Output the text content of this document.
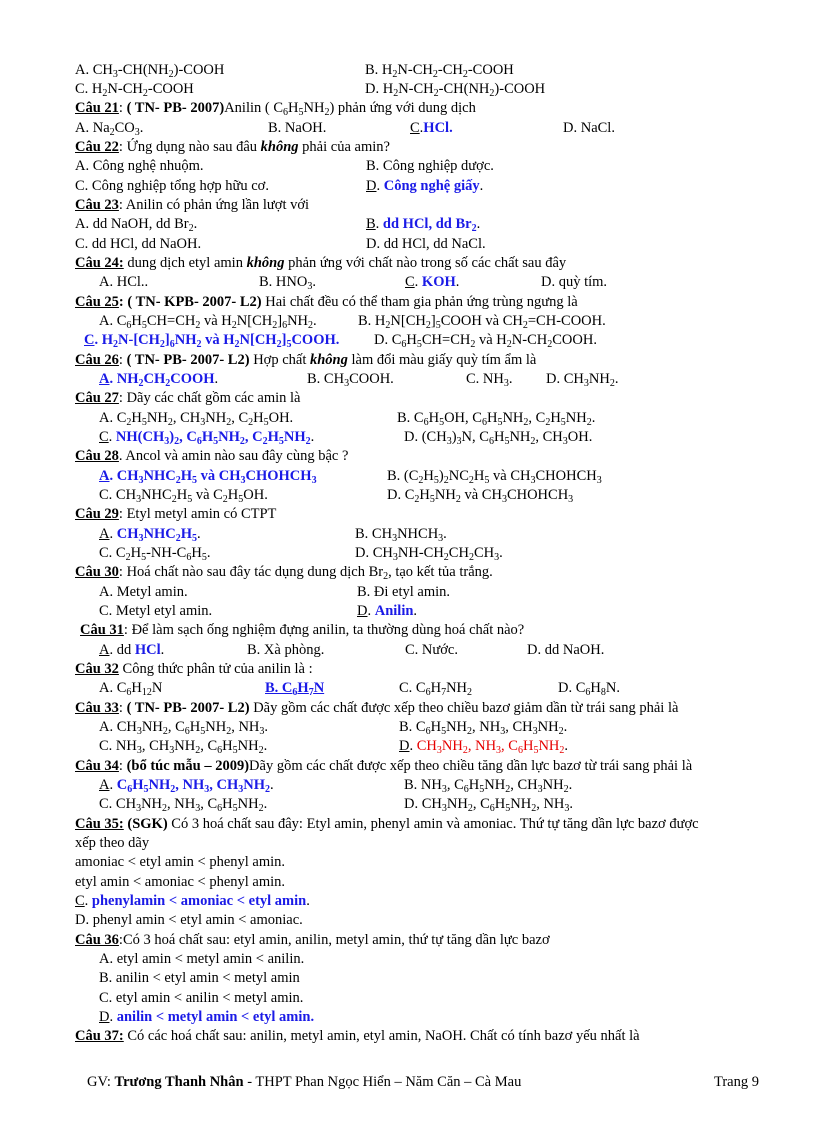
A. $CH_3-CH(NH_2)$-COOH	B. $H_2N-CH_2-CH_2$-COOH
C. $H_2N-CH_2$-COOH	D. $H_2N-CH_2-CH(NH_2)$-COOH
Câu 21: ( TN- PB- 2007)Anilin ( $C_6H_5NH_2$) phản ứng với dung dịch
A. $Na_2CO_3$.	B. NaOH.	C.HCl.	D. NaCl.
Câu 22: Ứng dụng nào sau đâu không phải của amin?
A. Công nghệ nhuộm.	B. Công nghiệp dược.
C. Công nghiệp tổng hợp hữu cơ.	D. Công nghệ giấy.
Câu 23: Anilin có phản ứng lần lượt với
A. dd NaOH, dd $Br_2$.	B. dd HCl, dd $Br_2$.
C. dd HCl, dd NaOH.	D. dd HCl, dd NaCl.
Câu 24: dung dịch etyl amin không phản ứng với chất nào trong số các chất sau đây
A. HCl..	B. $HNO_3$.	C. KOH.	D. quỳ tím.
Câu 25: ( TN- KPB- 2007- L2) Hai chất đều có thể tham gia phản ứng trùng ngưng là
A. $C_6H_5CH=CH_2$ và $H_2N[CH_2]_6NH_2$.	B. $H_2N[CH_2]_5COOH$ và $CH_2=CH$-COOH.
C. $H_2N-[CH_2]_6NH_2$ và $H_2N[CH_2]_5COOH$. D. $C_6H_5CH=CH_2$ và $H_2N-CH_2COOH$.
Câu 26: ( TN- PB- 2007- L2) Hợp chất không làm đổi màu giấy quỳ tím ẩm là
A. $NH_2CH_2COOH$.	B. $CH_3COOH$.	C. $NH_3$. D. $CH_3NH_2$.
Câu 27: Dãy các chất gồm các amin là
A. $C_2H_5NH_2$, $CH_3NH_2$, $C_2H_5OH$.	B. $C_6H_5OH$, $C_6H_5NH_2$, $C_2H_5NH_2$.
C. $NH(CH_3)_2$, $C_6H_5NH_2$, $C_2H_5NH_2$.	D. $(CH_3)_3N$, $C_6H_5NH_2$, $CH_3OH$.
Câu 28. Ancol và amin nào sau đây cùng bậc ?
A. $CH_3NHC_2H_5$ và $CH_3CHOHCH_3$	B. $(C_2H_5)_2NC_2H_5$ và $CH_3CHOHCH_3$
C. $CH_3NHC_2H_5$ và $C_2H_5OH$.	D. $C_2H_5NH_2$ và $CH_3CHOHCH_3$
Câu 29: Etyl metyl amin có CTPT
A. $CH_3NHC_2H_5$.	B. $CH_3NHCH_3$.
C. $C_2H_5-NH-C_6H_5$.	D. $CH_3NH-CH_2CH_2CH_3$.
Câu 30: Hoá chất nào sau đây tác dụng dung dịch $Br_2$, tạo kết tủa trắng.
A. Metyl amin.	B. Đi etyl amin.
C. Metyl etyl amin.	D. Anilin.
Câu 31: Để làm sạch ống nghiệm đựng anilin, ta thường dùng hoá chất nào?
A. dd HCl.	B. Xà phòng.	C. Nước.	D. dd NaOH.
Câu 32 Công thức phân tử của anilin là :
A. $C_6H_{12}N$	B. $C_6H_7N$	C. $C_6H_7NH_2$	D. $C_6H_8N$.
Câu 33: ( TN- PB- 2007- L2) Dãy gồm các chất được xếp theo chiều bazơ giảm dần từ trái sang phải là
A. $CH_3NH_2$, $C_6H_5NH_2$, $NH_3$.	B. $C_6H_5NH_2$, $NH_3$, $CH_3NH_2$.
C. $NH_3$, $CH_3NH_2$, $C_6H_5NH_2$.	D. $CH_3NH_2$, $NH_3$, $C_6H_5NH_2$.
Câu 34: (bổ túc mẫu – 2009)Dãy gồm các chất được xếp theo chiều tăng dần lực bazơ từ trái sang phải là
A. $C_6H_5NH_2$, $NH_3$, $CH_3NH_2$.	B. $NH_3$, $C_6H_5NH_2$, $CH_3NH_2$.
C. $CH_3NH_2$, $NH_3$, $C_6H_5NH_2$.	D. $CH_3NH_2$, $C_6H_5NH_2$, $NH_3$.
Câu 35: (SGK) Có 3 hoá chất sau đây: Etyl amin, phenyl amin và amoniac. Thứ tự tăng dần lực bazơ được
xếp theo dãy
amoniac < etyl amin < phenyl amin.
etyl amin < amoniac < phenyl amin.
C. phenylamin < amoniac < etyl amin.
D. phenyl amin < etyl amin < amoniac.
Câu 36:Có 3 hoá chất sau: etyl amin, anilin, metyl amin, thứ tự tăng dần lực bazơ
A. etyl amin < metyl amin < anilin.
B. anilin < etyl amin < metyl amin
C. etyl amin < anilin < metyl amin.
D. anilin < metyl amin < etyl amin.
Câu 37: Có các hoá chất sau: anilin, metyl amin, etyl amin, NaOH. Chất có tính bazơ yếu nhất là
GV: Trương Thanh Nhân - THPT Phan Ngọc Hiển – Năm Căn – Cà Mau	Trang 9
